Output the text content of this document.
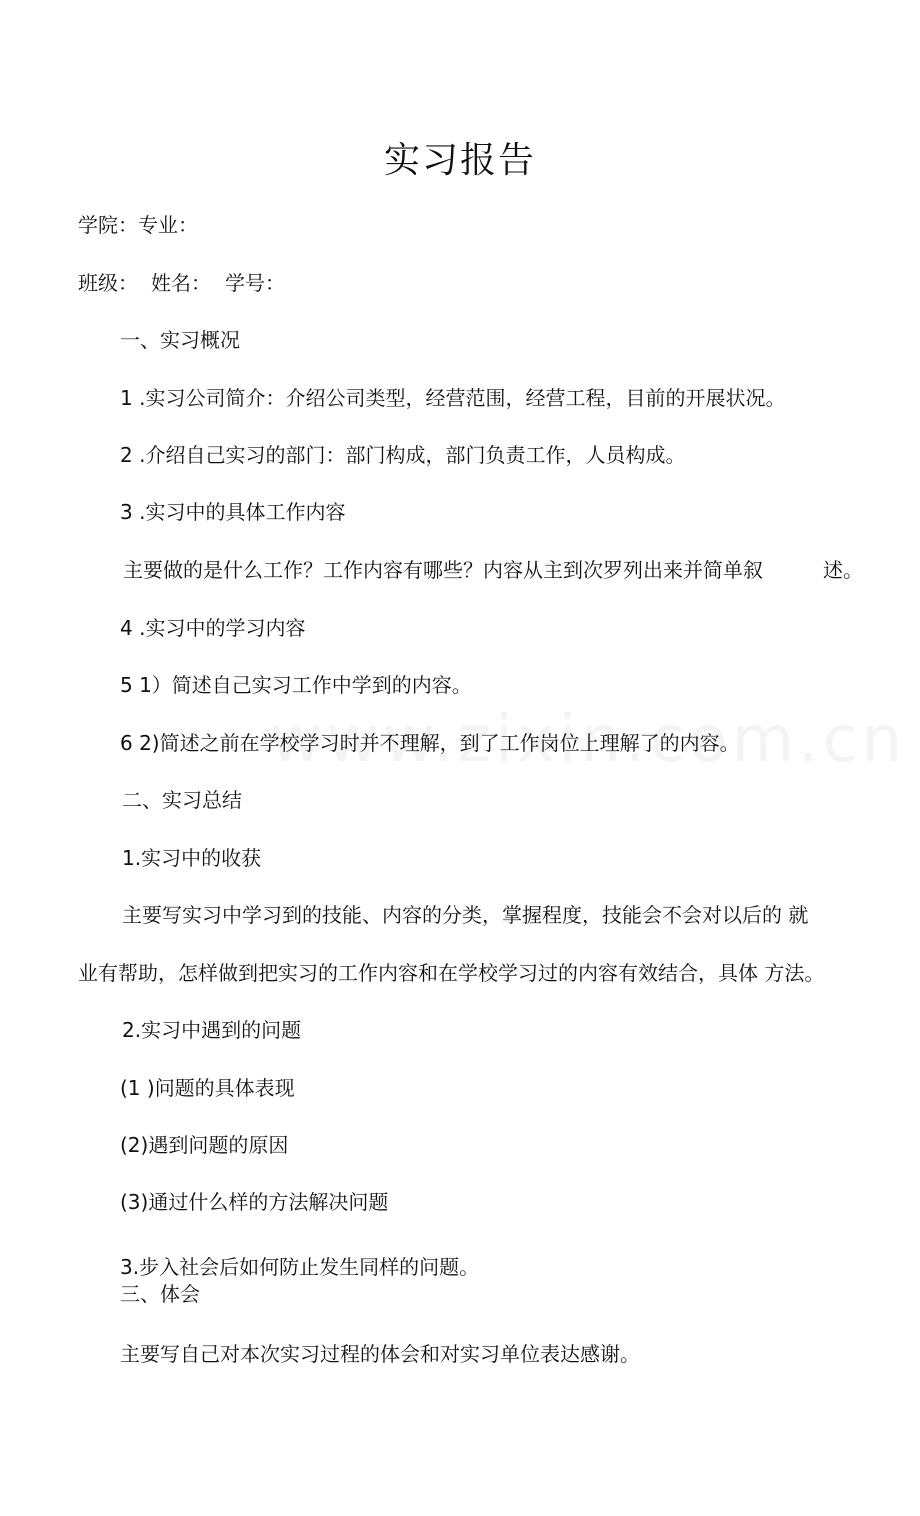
实习报告
学院：专业：
班级： 姓名： 学号：
一、实习概况
1 .实习公司简介：介绍公司类型，经营范围，经营工程，目前的开展状况。
2 .介绍自己实习的部门：部门构成，部门负责工作，人员构成。
3 .实习中的具体工作内容
主要做的是什么工作？工作内容有哪些？内容从主到次罗列出来并简单叙	述。
4 .实习中的学习内容
5 1）简述自己实习工作中学到的内容。
6 2)简述之前在学校学习时并不理解，到了工作岗位上理解了的内容。
二、实习总结
1.实习中的收获
主要写实习中学习到的技能、内容的分类，掌握程度，技能会不会对以后的 就
业有帮助，怎样做到把实习的工作内容和在学校学习过的内容有效结合，具体 方法。
2.实习中遇到的问题
(1 )问题的具体表现
(2)遇到问题的原因
(3)通过什么样的方法解决问题
3.步入社会后如何防止发生同样的问题。
三、体会
主要写自己对本次实习过程的体会和对实习单位表达感谢。
